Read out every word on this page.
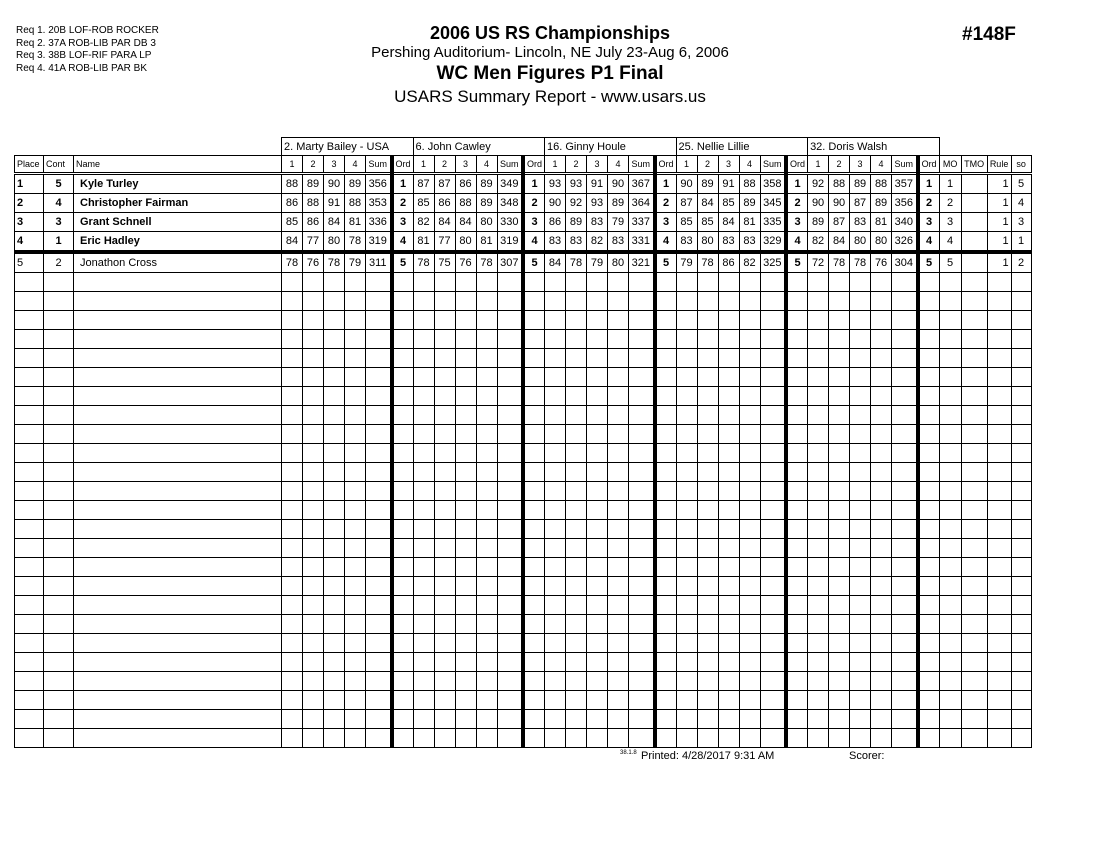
Req 1. 20B LOF-ROB ROCKER
Req 2. 37A ROB-LIB PAR DB 3
Req 3. 38B LOF-RIF PARA LP
Req 4. 41A ROB-LIB PAR BK
2006 US RS Championships
Pershing Auditorium- Lincoln, NE July 23-Aug 6, 2006
WC Men Figures P1 Final
USARS Summary Report - www.usars.us
#148F
			2. Marty Bailey - USA						6. John Cawley						16. Ginny Houle						25. Nellie Lillie						32. Doris Walsh									
Place	Cont	Name	1	2	3	4	Sum	Ord	1	2	3	4	Sum	Ord	1	2	3	4	Sum	Ord	1	2	3	4	Sum	Ord	1	2	3	4	Sum	Ord	MO	TMO	Rule	so
1	5	Kyle Turley	88	89	90	89	356	1	87	87	86	89	349	1	93	93	91	90	367	1	90	89	91	88	358	1	92	88	89	88	357	1	1		1	5
2	4	Christopher Fairman	86	88	91	88	353	2	85	86	88	89	348	2	90	92	93	89	364	2	87	84	85	89	345	2	90	90	87	89	356	2	2		1	4
3	3	Grant Schnell	85	86	84	81	336	3	82	84	84	80	330	3	86	89	83	79	337	3	85	85	84	81	335	3	89	87	83	81	340	3	3		1	3
4	1	Eric Hadley	84	77	80	78	319	4	81	77	80	81	319	4	83	83	82	83	331	4	83	80	83	83	329	4	82	84	80	80	326	4	4		1	1
5	2	Jonathon Cross	78	76	78	79	311	5	78	75	76	78	307	5	84	78	79	80	321	5	79	78	86	82	325	5	72	78	78	76	304	5	5		1	2

$^{38.1.8}$ Printed: 4/28/2017 9:31 AM	Scorer:
